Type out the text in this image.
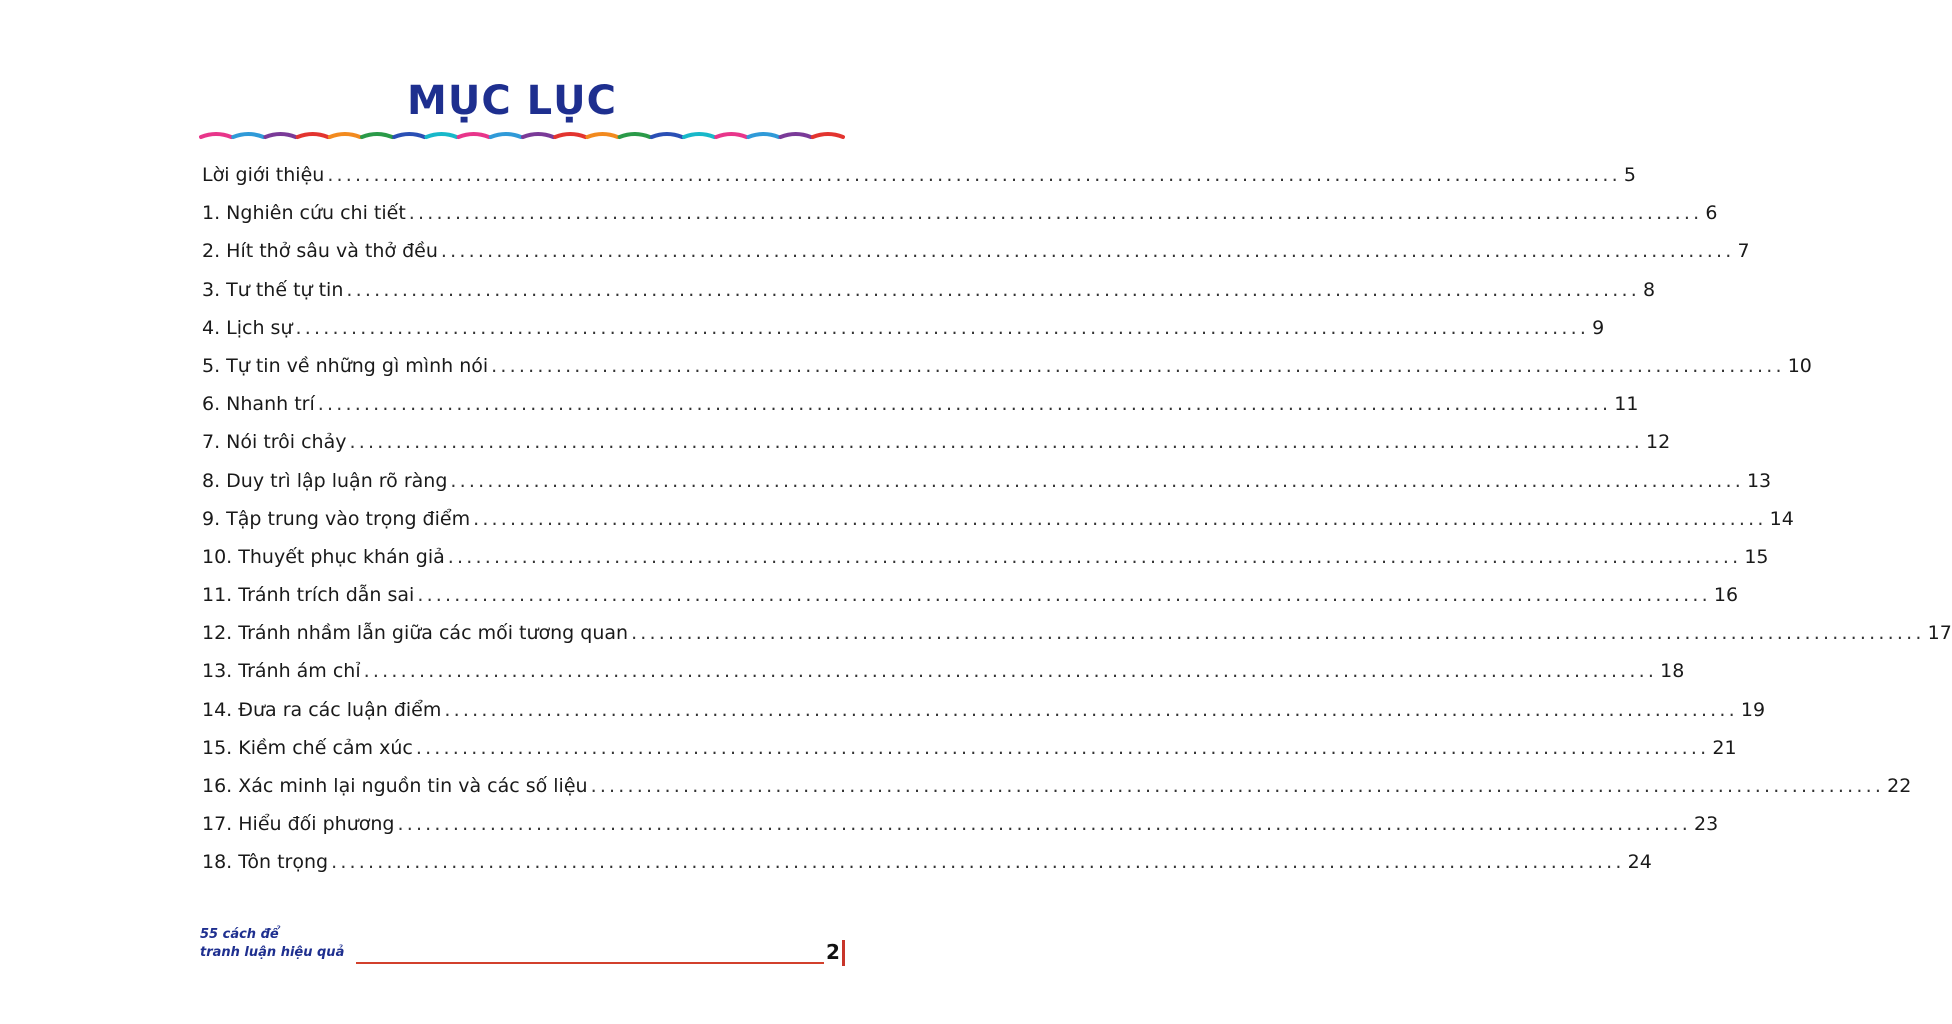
MỤC LỤC
Lời giới thiệu ............................................................................................................................................ 5
1. Nghiên cứu chi tiết ............................................................................................................................................ 6
2. Hít thở sâu và thở đều ............................................................................................................................................ 7
3. Tư thế tự tin ............................................................................................................................................ 8
4. Lịch sự ............................................................................................................................................ 9
5. Tự tin về những gì mình nói ............................................................................................................................................ 10
6. Nhanh trí ............................................................................................................................................ 11
7. Nói trôi chảy ............................................................................................................................................ 12
8. Duy trì lập luận rõ ràng ............................................................................................................................................ 13
9. Tập trung vào trọng điểm ............................................................................................................................................ 14
10. Thuyết phục khán giả ............................................................................................................................................ 15
11. Tránh trích dẫn sai ............................................................................................................................................ 16
12. Tránh nhầm lẫn giữa các mối tương quan ............................................................................................................................................ 17
13. Tránh ám chỉ ............................................................................................................................................ 18
14. Đưa ra các luận điểm ............................................................................................................................................ 19
15. Kiềm chế cảm xúc ............................................................................................................................................ 21
16. Xác minh lại nguồn tin và các số liệu ............................................................................................................................................ 22
17. Hiểu đối phương ............................................................................................................................................ 23
18. Tôn trọng ............................................................................................................................................ 24
55 cách để
tranh luận hiệu quả	2
